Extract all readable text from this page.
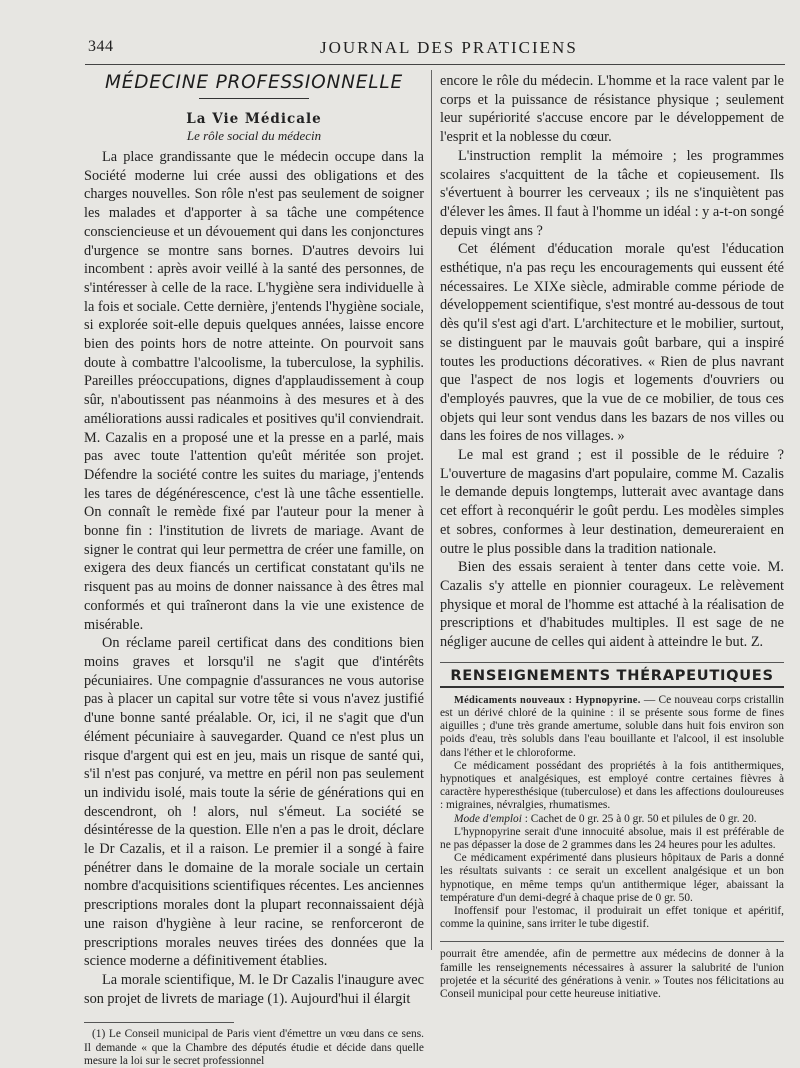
344	JOURNAL DES PRATICIENS
MÉDECINE PROFESSIONNELLE
La Vie Médicale
Le rôle social du médecin

La place grandissante que le médecin occupe dans la Société moderne lui crée aussi des obligations et des charges nouvelles. Son rôle n'est pas seulement de soigner les malades et d'apporter à sa tâche une compétence consciencieuse et un dévouement qui dans les conjonctures d'urgence se montre sans bornes. D'autres devoirs lui incombent : après avoir veillé à la santé des personnes, de s'intéresser à celle de la race. L'hygiène sera individuelle à la fois et sociale. Cette dernière, j'entends l'hygiène sociale, si explorée soit-elle depuis quelques années, laisse encore bien des points hors de notre atteinte. On pourvoit sans doute à combattre l'alcoolisme, la tuberculose, la syphilis. Pareilles préoccupations, dignes d'applaudissement à coup sûr, n'aboutissent pas néanmoins à des mesures et à des améliorations aussi radicales et positives qu'il conviendrait. M. Cazalis en a proposé une et la presse en a parlé, mais pas avec toute l'attention qu'eût méritée son projet. Défendre la société contre les suites du mariage, j'entends les tares de dégénérescence, c'est là une tâche essentielle. On connaît le remède fixé par l'auteur pour la mener à bonne fin : l'institution de livrets de mariage. Avant de signer le contrat qui leur permettra de créer une famille, on exigera des deux fiancés un certificat constatant qu'ils ne risquent pas au moins de donner naissance à des êtres mal conformés et qui traîneront dans la vie une existence de misérable.

On réclame pareil certificat dans des conditions bien moins graves et lorsqu'il ne s'agit que d'intérêts pécuniaires. Une compagnie d'assurances ne vous autorise pas à placer un capital sur votre tête si vous n'avez justifié d'une bonne santé préalable. Or, ici, il ne s'agit que d'un élément pécuniaire à sauvegarder. Quand ce n'est plus un risque d'argent qui est en jeu, mais un risque de santé qui, s'il n'est pas conjuré, va mettre en péril non pas seulement un individu isolé, mais toute la série de générations qui en descendront, oh ! alors, nul s'émeut. La société se désintéresse de la question. Elle n'en a pas le droit, déclare le Dr Cazalis, et il a raison. Le premier il a songé à faire pénétrer dans le domaine de la morale sociale un certain nombre d'acquisitions scientifiques récentes. Les anciennes prescriptions morales dont la plupart reconnaissaient déjà une raison d'hygiène à leur racine, se renforceront de prescriptions morales neuves tirées des données que la science moderne a définitivement établies.

La morale scientifique, M. le Dr Cazalis l'inaugure avec son projet de livrets de mariage (1). Aujourd'hui il élargit

(1) Le Conseil municipal de Paris vient d'émettre un vœu dans ce sens. Il demande « que la Chambre des députés étudie et décide dans quelle mesure la loi sur le secret professionnel

encore le rôle du médecin. L'homme et la race valent par le corps et la puissance de résistance physique ; seulement leur supériorité s'accuse encore par le développement de l'esprit et la noblesse du cœur.

L'instruction remplit la mémoire ; les programmes scolaires s'acquittent de la tâche et copieusement. Ils s'évertuent à bourrer les cerveaux ; ils ne s'inquiètent pas d'élever les âmes. Il faut à l'homme un idéal : y a-t-on songé depuis vingt ans ?

Cet élément d'éducation morale qu'est l'éducation esthétique, n'a pas reçu les encouragements qui eussent été nécessaires. Le XIXe siècle, admirable comme période de développement scientifique, s'est montré au-dessous de tout dès qu'il s'est agi d'art. L'architecture et le mobilier, surtout, se distinguent par le mauvais goût barbare, qui a inspiré toutes les productions décoratives. « Rien de plus navrant que l'aspect de nos logis et logements d'ouvriers ou d'employés pauvres, que la vue de ce mobilier, de tous ces objets qui leur sont vendus dans les bazars de nos villes ou dans les foires de nos villages. »

Le mal est grand ; est il possible de le réduire ? L'ouverture de magasins d'art populaire, comme M. Cazalis le demande depuis longtemps, lutterait avec avantage dans cet effort à reconquérir le goût perdu. Les modèles simples et sobres, conformes à leur destination, demeureraient en outre le plus possible dans la tradition nationale.

Bien des essais seraient à tenter dans cette voie. M. Cazalis s'y attelle en pionnier courageux. Le relèvement physique et moral de l'homme est attaché à la réalisation de prescriptions et d'habitudes multiples. Il est sage de ne négliger aucune de celles qui aident à atteindre le but. Z.

RENSEIGNEMENTS THÉRAPEUTIQUES

Médicaments nouveaux : Hypnopyrine. — Ce nouveau corps cristallin est un dérivé chloré de la quinine : il se présente sous forme de fines aiguilles ; d'une très grande amertume, soluble dans huit fois environ son poids d'eau, très solubls dans l'eau bouillante et l'alcool, il est insoluble dans l'éther et le chloroforme.

Ce médicament possédant des propriétés à la fois antithermiques, hypnotiques et analgésiques, est employé contre certaines fièvres à caractère hyperesthésique (tuberculose) et dans les affections douloureuses : migraines, névralgies, rhumatismes.

Mode d'emploi : Cachet de 0 gr. 25 à 0 gr. 50 et pilules de 0 gr. 20.

L'hypnopyrine serait d'une innocuité absolue, mais il est préférable de ne pas dépasser la dose de 2 grammes dans les 24 heures pour les adultes.

Ce médicament expérimenté dans plusieurs hôpitaux de Paris a donné les résultats suivants : ce serait un excellent analgésique et un bon hypnotique, en même temps qu'un antithermique léger, abaissant la température d'un demi-degré à chaque prise de 0 gr. 50.

Inoffensif pour l'estomac, il produirait un effet tonique et apéritif, comme la quinine, sans irriter le tube digestif.

pourrait être amendée, afin de permettre aux médecins de donner à la famille les renseignements nécessaires à assurer la salubrité de l'union projetée et la sécurité des générations à venir. » Toutes nos félicitations au Conseil municipal pour cette heureuse initiative.
